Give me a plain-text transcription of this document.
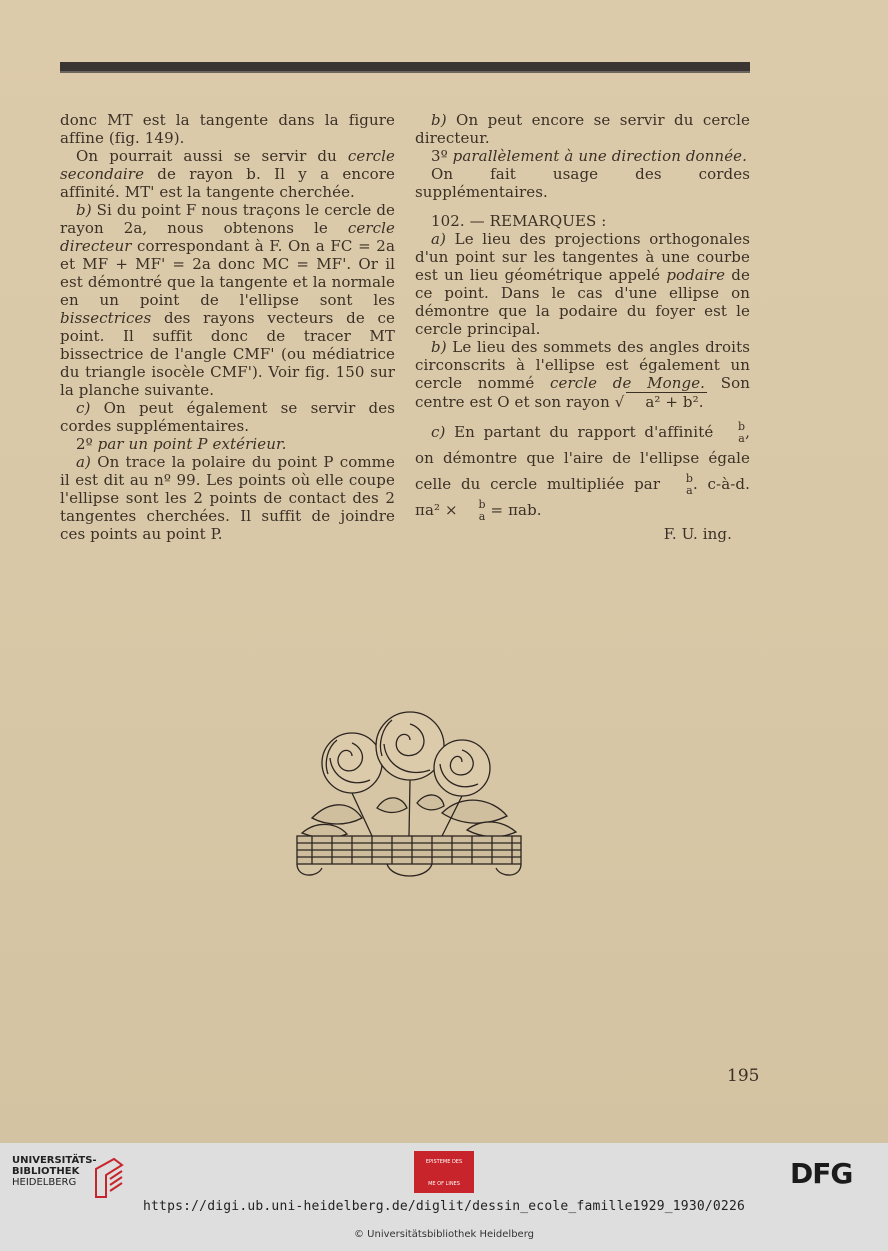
donc MT est la tangente dans la figure affine (fig. 149).

On pourrait aussi se servir du cercle secondaire de rayon b. Il y a encore affinité. MT' est la tangente cherchée.

b) Si du point F nous traçons le cercle de rayon 2a, nous obtenons le cercle directeur correspondant à F. On a FC = 2a et MF + MF' = 2a donc MC = MF'. Or il est démontré que la tangente et la normale en un point de l'ellipse sont les bissectrices des rayons vecteurs de ce point. Il suffit donc de tracer MT bissectrice de l'angle CMF' (ou médiatrice du triangle isocèle CMF'). Voir fig. 150 sur la planche suivante.

c) On peut également se servir des cordes supplémentaires.

2º par un point P extérieur.

a) On trace la polaire du point P comme il est dit au nº 99. Les points où elle coupe l'ellipse sont les 2 points de contact des 2 tangentes cherchées. Il suffit de joindre ces points au point P.

b) On peut encore se servir du cercle directeur.

3º parallèlement à une direction donnée.

On fait usage des cordes supplémentaires.

102. — REMARQUES :

a) Le lieu des projections orthogonales d'un point sur les tangentes à une courbe est un lieu géométrique appelé podaire de ce point. Dans le cas d'une ellipse on démontre que la podaire du foyer est le cercle principal.

b) Le lieu des sommets des angles droits circonscrits à l'ellipse est également un cercle nommé cercle de Monge. Son centre est O et son rayon √ a² + b².

c) En partant du rapport d'affinité	b
a , on démontre que l'aire de l'ellipse égale celle du cercle multipliée par	b
a . c-à-d. πa² ×	b
a = πab.

F. U. ing.

195
UNIVERSITÄTS-
BIBLIOTHEK
HEIDELBERG
EPISTEME DES
ME OF LINES	DFG
https://digi.ub.uni-heidelberg.de/diglit/dessin_ecole_famille1929_1930/0226
© Universitätsbibliothek Heidelberg
